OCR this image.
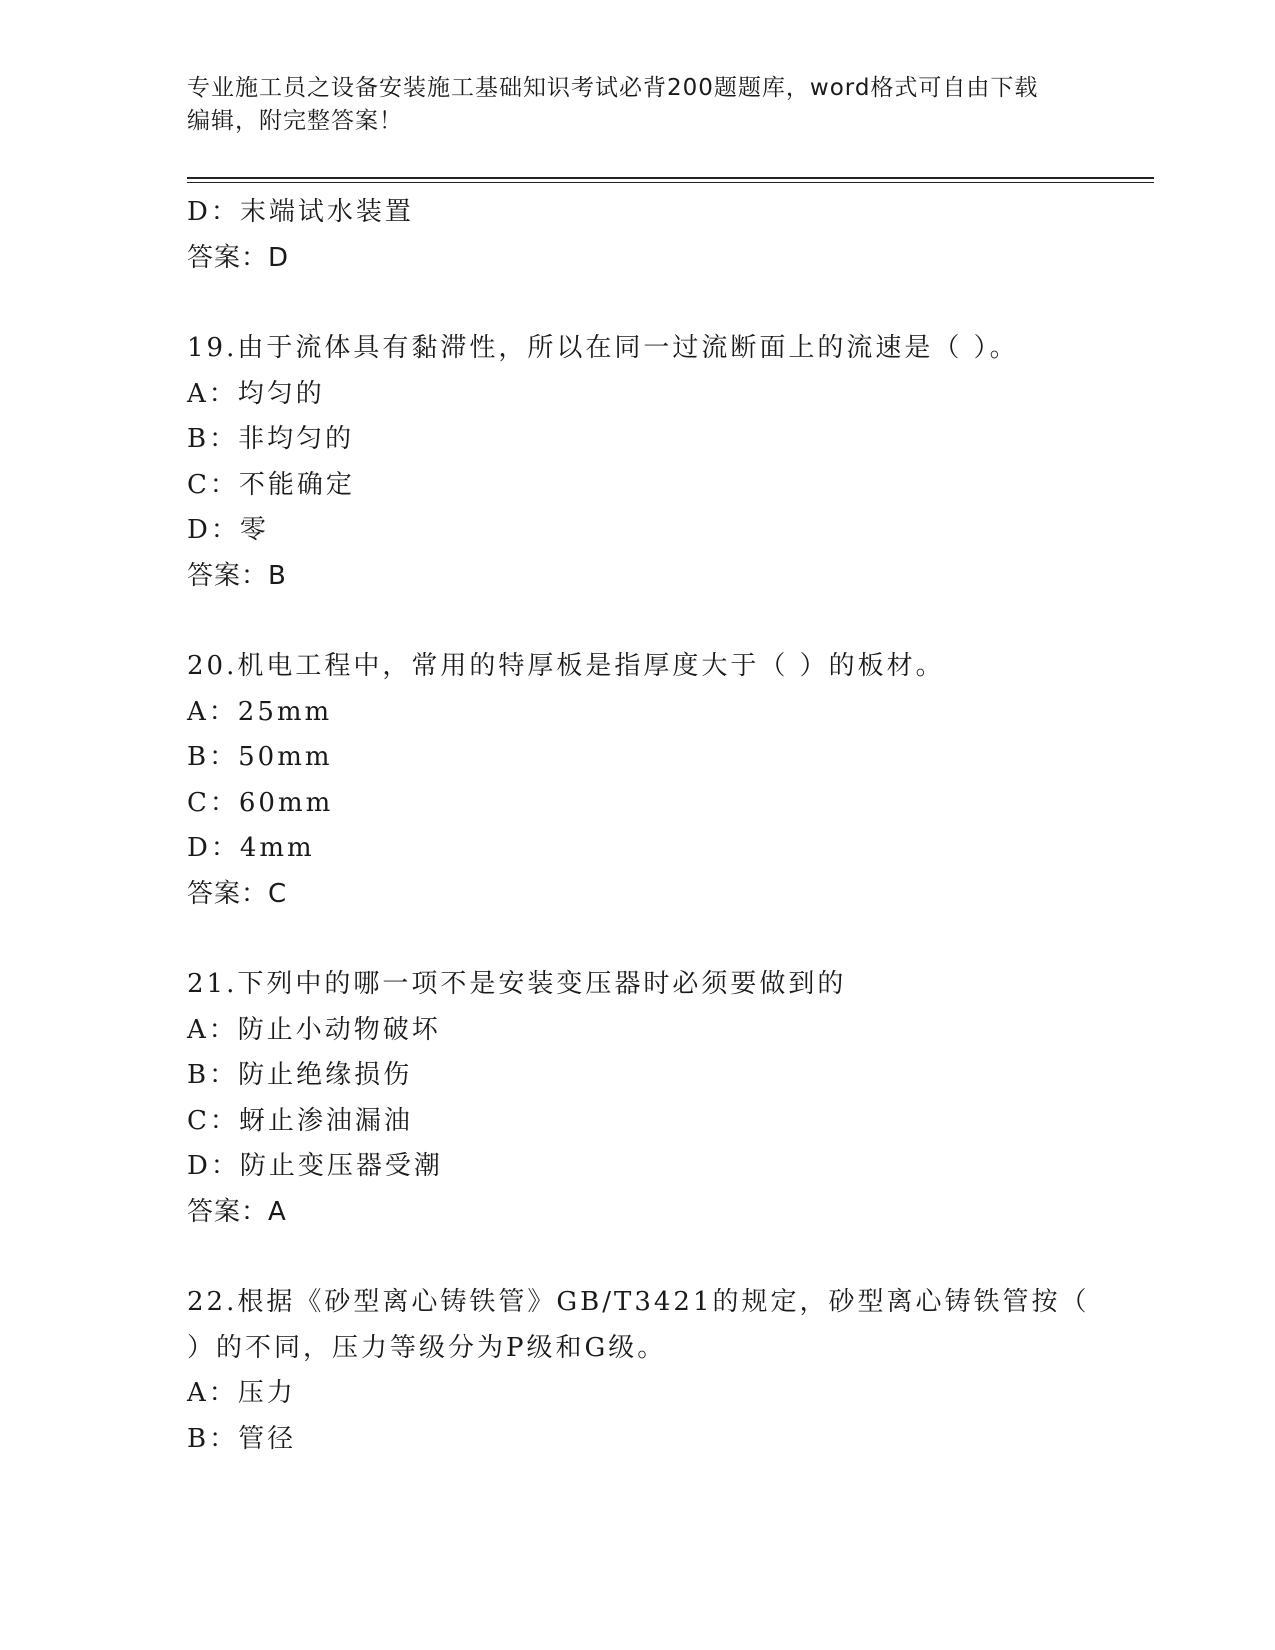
专业施工员之设备安装施工基础知识考试必背200题题库，word格式可自由下载
编辑，附完整答案！
D：末端试水装置
答案：D
19.由于流体具有黏滞性，所以在同一过流断面上的流速是（ ）。
A：均匀的
B：非均匀的
C：不能确定
D：零
答案：B
20.机电工程中，常用的特厚板是指厚度大于（ ）的板材。
A：25mm
B：50mm
C：60mm
D：4mm
答案：C
21.下列中的哪一项不是安装变压器时必须要做到的
A：防止小动物破坏
B：防止绝缘损伤
C：蚜止渗油漏油
D：防止变压器受潮
答案：A
22.根据《砂型离心铸铁管》GB/T3421的规定，砂型离心铸铁管按（
）的不同，压力等级分为P级和G级。
A：压力
B：管径
